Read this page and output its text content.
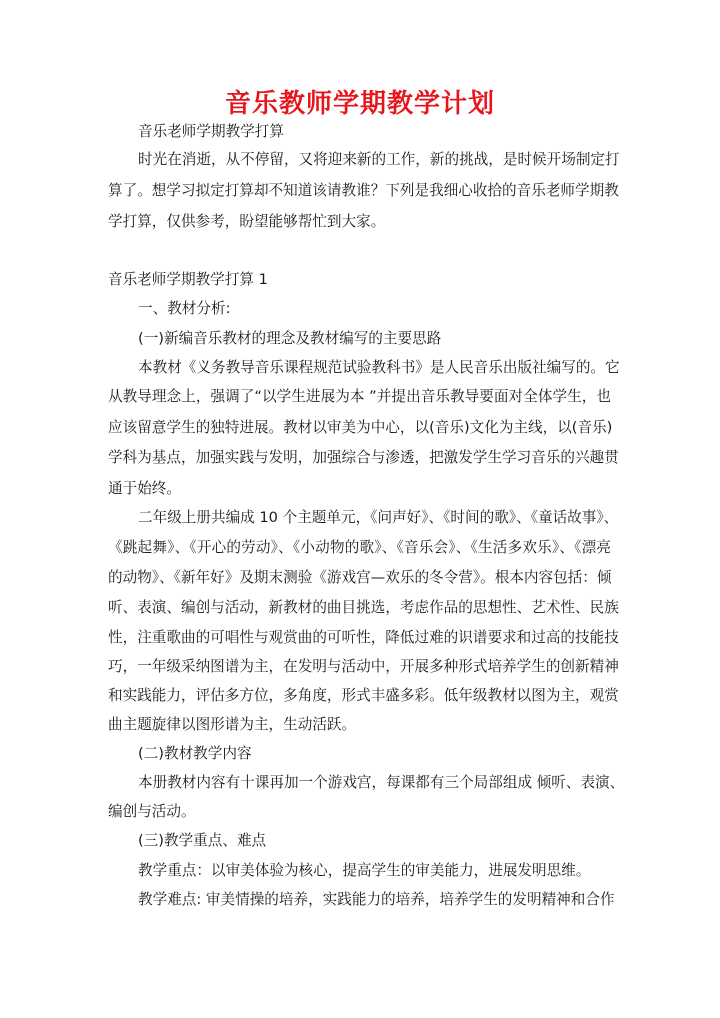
音乐教师学期教学计划
音乐老师学期教学打算
时光在消逝，从不停留，又将迎来新的工作，新的挑战，是时候开场制定打
算了。想学习拟定打算却不知道该请教谁？下列是我细心收拾的音乐老师学期教
学打算，仅供参考，盼望能够帮忙到大家。
音乐老师学期教学打算 1
一、教材分析:
(一)新编音乐教材的理念及教材编写的主要思路
本教材《义务教导音乐课程规范试验教科书》是人民音乐出版社编写的。它
从教导理念上，强调了“以学生进展为本 ”并提出音乐教导要面对全体学生，也
应该留意学生的独特进展。教材以审美为中心，以(音乐)文化为主线，以(音乐)
学科为基点，加强实践与发明，加强综合与渗透，把激发学生学习音乐的兴趣贯
通于始终。
二年级上册共编成 10 个主题单元，《问声好》、《时间的歌》、《童话故事》、
《跳起舞》、《开心的劳动》、《小动物的歌》、《音乐会》、《生活多欢乐》、《漂亮
的动物》、《新年好》及期末测验《游戏宫—欢乐的冬令营》。根本内容包括：倾
听、表演、编创与活动，新教材的曲目挑选，考虑作品的思想性、艺术性、民族
性，注重歌曲的可唱性与观赏曲的可听性，降低过难的识谱要求和过高的技能技
巧，一年级采纳图谱为主，在发明与活动中，开展多种形式培养学生的创新精神
和实践能力，评估多方位，多角度，形式丰盛多彩。低年级教材以图为主，观赏
曲主题旋律以图形谱为主，生动活跃。
(二)教材教学内容
本册教材内容有十课再加一个游戏宫，每课都有三个局部组成 倾听、表演、
编创与活动。
(三)教学重点、难点
教学重点：以审美体验为核心，提高学生的审美能力，进展发明思维。
教学难点: 审美情操的培养，实践能力的培养，培养学生的发明精神和合作
